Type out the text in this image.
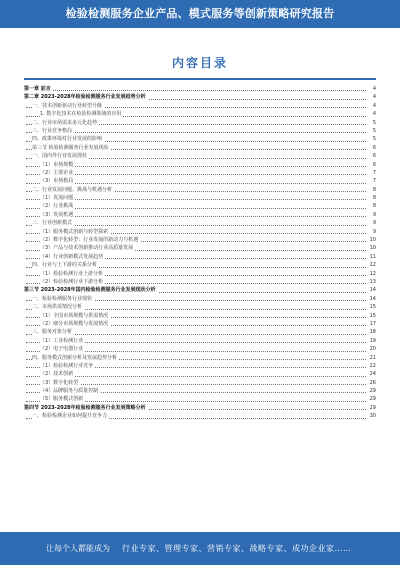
检验检测服务企业产品、模式服务等创新策略研究报告
内容目录
第一章 前言	4
第二章 2023-2028年检验检测服务行业发展趋势分析	4
一、技术创新驱动行业转型升级	4
1. 数字化技术在检验检测领域的应用	4
二、行业市场需求多元化趋势	5
三、行业竞争格局	5
四、政策环境对行业发展的影响	5
第三节 检验检测服务行业发展现状	6
一、国内外行业发展现状	6
（1）市场规模	6
（2）主要企业	7
（3）市场格局	7
二、行业发展问题、挑战与机遇分析	8
（1）发展问题	8
（2）行业挑战	8
（3）发展机遇	9
三、行业创新模式	9
（1）服务模式创新与转型探索	9
（2）数字化转型：行业发展的新动力与机遇	10
（3）产品与技术创新推动行业高质量发展	10
（4）行业创新模式发展趋势	11
四、行业与上下游的关系分析	12
（1）检验检测行业上游分析	12
（2）检验检测行业下游分析	13
第三节 2023-2028年国内检验检测服务行业发展现状分析	14
一、检验检测服务行业现状	14
二、市场供需情况分析	15
（1）全国市场规模与供需情况	15
（2）细分市场规模与发展情况	17
三、服务对象分析	18
（1）工业检测行业	19
（2）电子电器行业	20
四、服务模式创新分析及发展趋势分析	21
（1）检验检测行业竞争	22
（2）技术创新	24
（3）数字化转型	26
（4）品牌服务与质量控制	29
（5）服务模式创新	29
第四节 2023-2028年检验检测服务行业发展策略分析	29
一、检验检测企业如何提升竞争力	30
让每个人都能成为 行业专家、管理专家、营销专家、战略专家、成功企业家……
